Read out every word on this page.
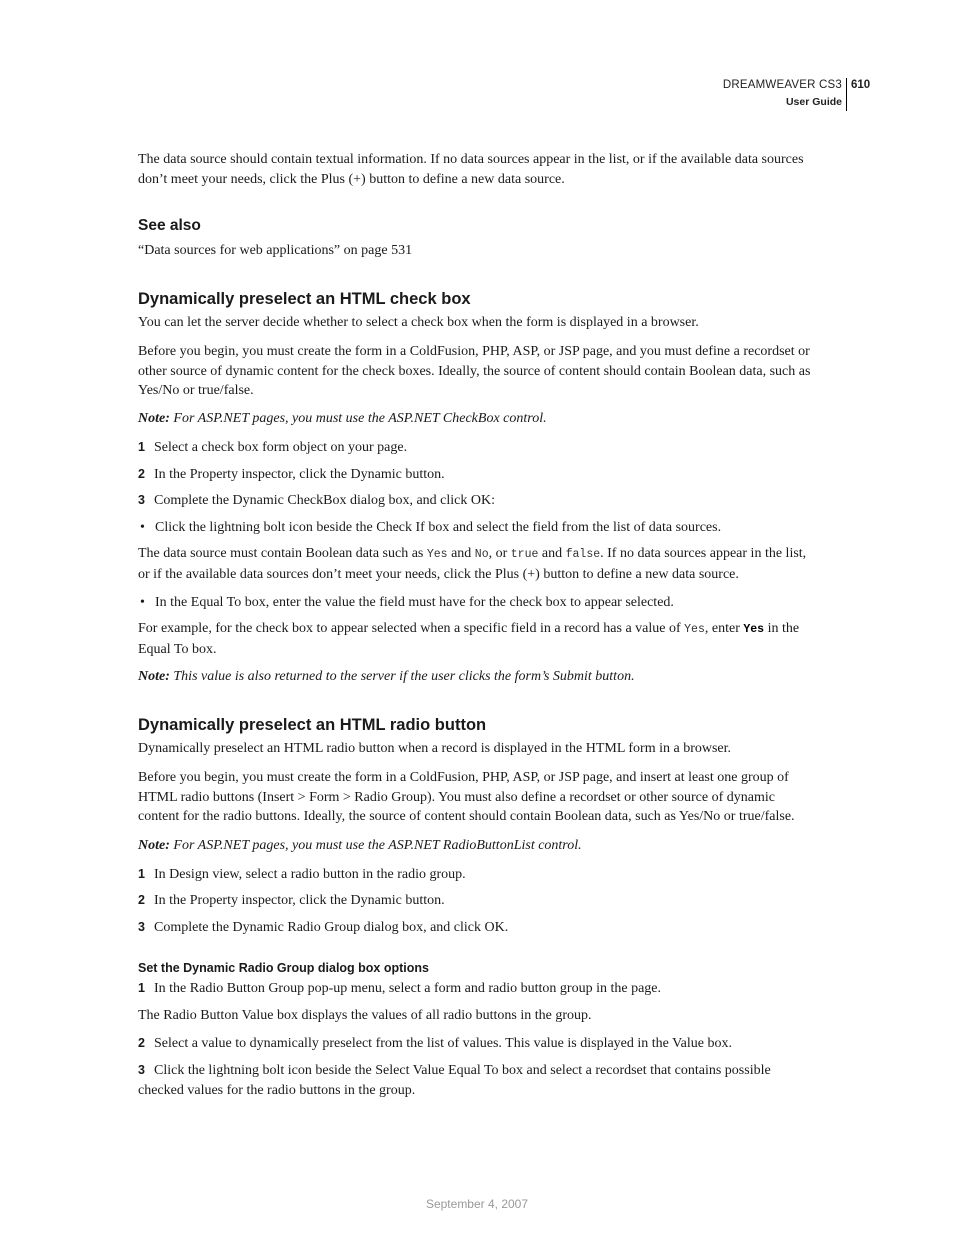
DREAMWEAVER CS3
User Guide
610
The data source should contain textual information. If no data sources appear in the list, or if the available data sources don’t meet your needs, click the Plus (+) button to define a new data source.
See also
“Data sources for web applications” on page 531
Dynamically preselect an HTML check box
You can let the server decide whether to select a check box when the form is displayed in a browser.
Before you begin, you must create the form in a ColdFusion, PHP, ASP, or JSP page, and you must define a recordset or other source of dynamic content for the check boxes. Ideally, the source of content should contain Boolean data, such as Yes/No or true/false.
Note: For ASP.NET pages, you must use the ASP.NET CheckBox control.
1 Select a check box form object on your page.
2 In the Property inspector, click the Dynamic button.
3 Complete the Dynamic CheckBox dialog box, and click OK:
• Click the lightning bolt icon beside the Check If box and select the field from the list of data sources.
The data source must contain Boolean data such as Yes and No, or true and false. If no data sources appear in the list, or if the available data sources don’t meet your needs, click the Plus (+) button to define a new data source.
• In the Equal To box, enter the value the field must have for the check box to appear selected.
For example, for the check box to appear selected when a specific field in a record has a value of Yes, enter Yes in the Equal To box.
Note: This value is also returned to the server if the user clicks the form’s Submit button.
Dynamically preselect an HTML radio button
Dynamically preselect an HTML radio button when a record is displayed in the HTML form in a browser.
Before you begin, you must create the form in a ColdFusion, PHP, ASP, or JSP page, and insert at least one group of HTML radio buttons (Insert > Form > Radio Group). You must also define a recordset or other source of dynamic content for the radio buttons. Ideally, the source of content should contain Boolean data, such as Yes/No or true/false.
Note: For ASP.NET pages, you must use the ASP.NET RadioButtonList control.
1 In Design view, select a radio button in the radio group.
2 In the Property inspector, click the Dynamic button.
3 Complete the Dynamic Radio Group dialog box, and click OK.
Set the Dynamic Radio Group dialog box options
1 In the Radio Button Group pop-up menu, select a form and radio button group in the page.
The Radio Button Value box displays the values of all radio buttons in the group.
2 Select a value to dynamically preselect from the list of values. This value is displayed in the Value box.
3 Click the lightning bolt icon beside the Select Value Equal To box and select a recordset that contains possible checked values for the radio buttons in the group.
September 4, 2007
